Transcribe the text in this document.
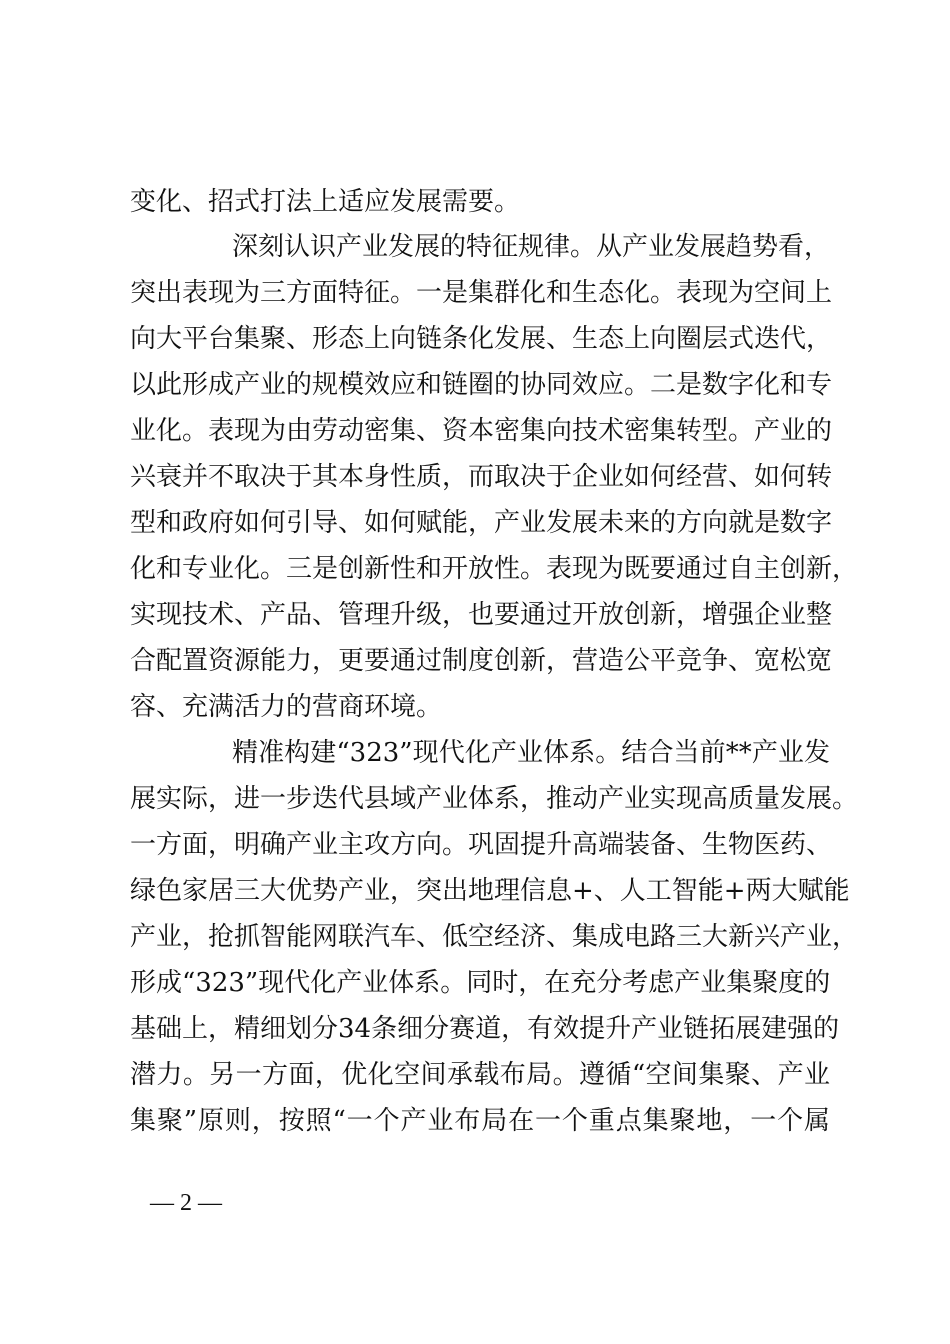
变化、招式打法上适应发展需要。
深刻认识产业发展的特征规律。从产业发展趋势看，
突出表现为三方面特征。一是集群化和生态化。表现为空间上
向大平台集聚、形态上向链条化发展、生态上向圈层式迭代，
以此形成产业的规模效应和链圈的协同效应。二是数字化和专
业化。表现为由劳动密集、资本密集向技术密集转型。产业的
兴衰并不取决于其本身性质，而取决于企业如何经营、如何转
型和政府如何引导、如何赋能，产业发展未来的方向就是数字
化和专业化。三是创新性和开放性。表现为既要通过自主创新，
实现技术、产品、管理升级，也要通过开放创新，增强企业整
合配置资源能力，更要通过制度创新，营造公平竞争、宽松宽
容、充满活力的营商环境。
精准构建“323”现代化产业体系。结合当前**产业发
展实际，进一步迭代县域产业体系，推动产业实现高质量发展。
一方面，明确产业主攻方向。巩固提升高端装备、生物医药、
绿色家居三大优势产业，突出地理信息+、人工智能+两大赋能
产业，抢抓智能网联汽车、低空经济、集成电路三大新兴产业，
形成“323”现代化产业体系。同时，在充分考虑产业集聚度的
基础上，精细划分34条细分赛道，有效提升产业链拓展建强的
潜力。另一方面，优化空间承载布局。遵循“空间集聚、产业
集聚”原则，按照“一个产业布局在一个重点集聚地，一个属
— 2 —
